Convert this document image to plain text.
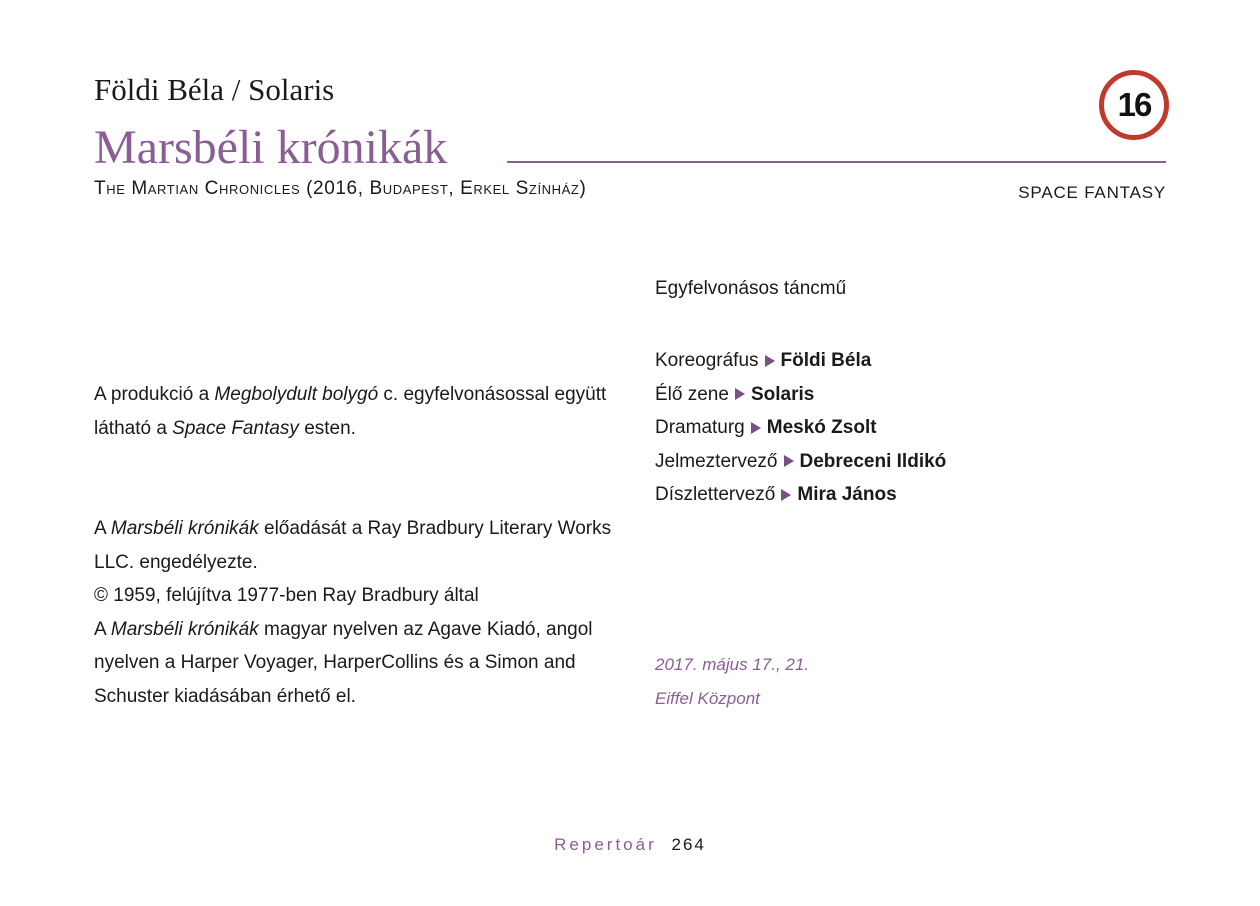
Földi Béla / Solaris
Marsbéli krónikák
16
The Martian Chronicles (2016, Budapest, Erkel Színház)	SPACE FANTASY

A produkció a Megbolydult bolygó c. egyfelvonásossal együtt látható a Space Fantasy esten.

A Marsbéli krónikák előadását a Ray Bradbury Literary Works LLC. engedélyezte.

© 1959, felújítva 1977-ben Ray Bradbury által

A Marsbéli krónikák magyar nyelven az Agave Kiadó, angol nyelven a Harper Voyager, HarperCollins és a Simon and Schuster kiadásában érhető el.

Egyfelvonásos táncmű
Koreográfus Földi Béla
Élő zene Solaris
Dramaturg Meskó Zsolt
Jelmeztervező Debreceni Ildikó
Díszlettervező Mira János
2017. május 17., 21.
Eiffel Központ
Repertoár 264
